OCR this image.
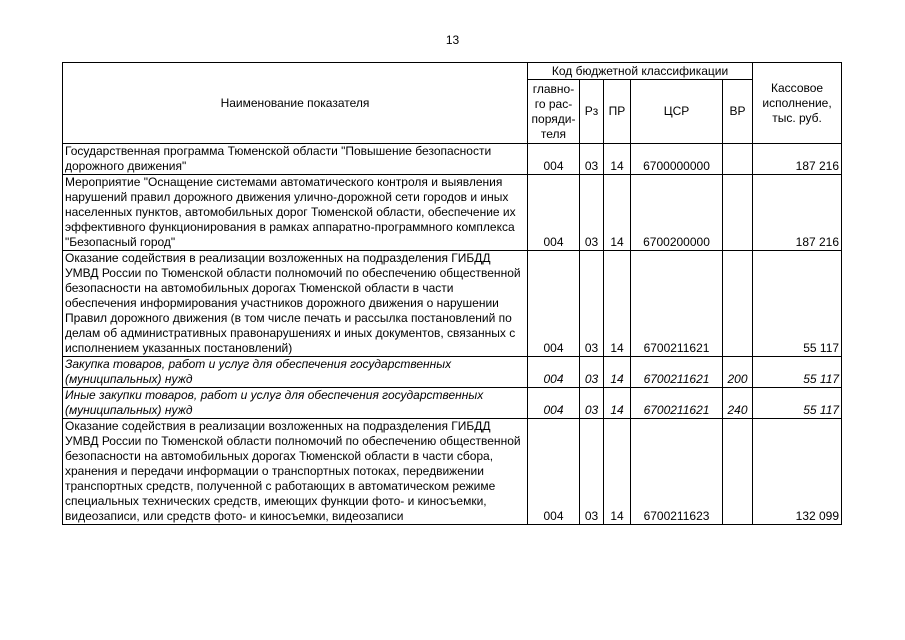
13
Наименование показателя	Код бюджетной классификации					Кассовое исполнение, тыс. руб.
	главно-го рас-поряди-теля	Рз	ПР	ЦСР	ВР	
Государственная программа Тюменской области "Повышение безопасности дорожного движения"	004	03	14	6700000000		187 216
Мероприятие "Оснащение системами автоматического контроля и выявления нарушений правил дорожного движения улично-дорожной сети городов и иных населенных пунктов, автомобильных дорог Тюменской области, обеспечение их эффективного функционирования в рамках аппаратно-программного комплекса "Безопасный город"	004	03	14	6700200000		187 216
Оказание содействия в реализации возложенных на подразделения ГИБДД УМВД России по Тюменской области полномочий по обеспечению общественной безопасности на автомобильных дорогах Тюменской области в части обеспечения информирования участников дорожного движения о нарушении Правил дорожного движения (в том числе печать и рассылка постановлений по делам об административных правонарушениях и иных документов, связанных с исполнением указанных постановлений)	004	03	14	6700211621		55 117
Закупка товаров, работ и услуг для обеспечения государственных (муниципальных) нужд	004	03	14	6700211621	200	55 117
Иные закупки товаров, работ и услуг для обеспечения государственных (муниципальных) нужд	004	03	14	6700211621	240	55 117
Оказание содействия в реализации возложенных на подразделения ГИБДД УМВД России по Тюменской области полномочий по обеспечению общественной безопасности на автомобильных дорогах Тюменской области в части сбора, хранения и передачи информации о транспортных потоках, передвижении транспортных средств, полученной с работающих в автоматическом режиме специальных технических средств, имеющих функции фото- и киносъемки, видеозаписи, или средств фото- и киносъемки, видеозаписи	004	03	14	6700211623		132 099
